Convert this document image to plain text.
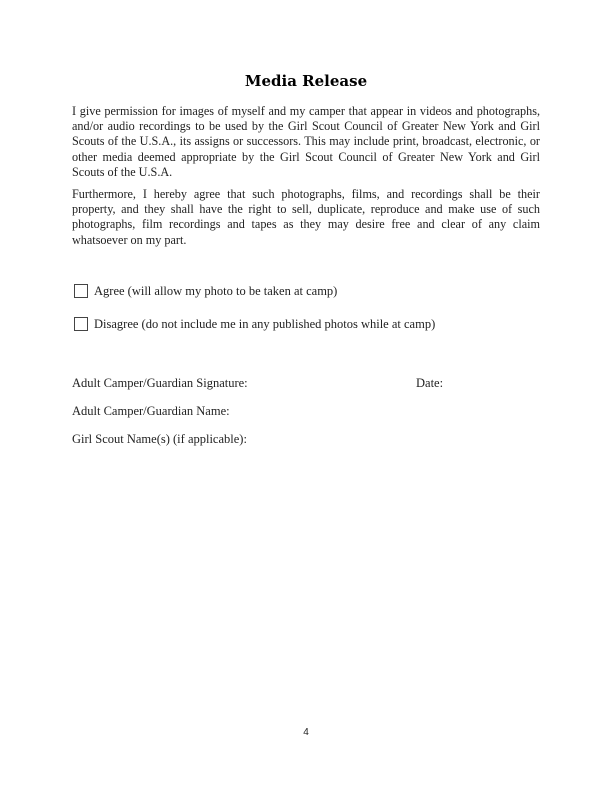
Media Release
I give permission for images of myself and my camper that appear in videos and photographs, and/or audio recordings to be used by the Girl Scout Council of Greater New York and Girl Scouts of the U.S.A., its assigns or successors. This may include print, broadcast, electronic, or other media deemed appropriate by the Girl Scout Council of Greater New York and Girl Scouts of the U.S.A.
Furthermore, I hereby agree that such photographs, films, and recordings shall be their property, and they shall have the right to sell, duplicate, reproduce and make use of such photographs, film recordings and tapes as they may desire free and clear of any claim whatsoever on my part.
Agree (will allow my photo to be taken at camp)
Disagree (do not include me in any published photos while at camp)
Adult Camper/Guardian Signature:	Date:
Adult Camper/Guardian Name:
Girl Scout Name(s) (if applicable):
4
